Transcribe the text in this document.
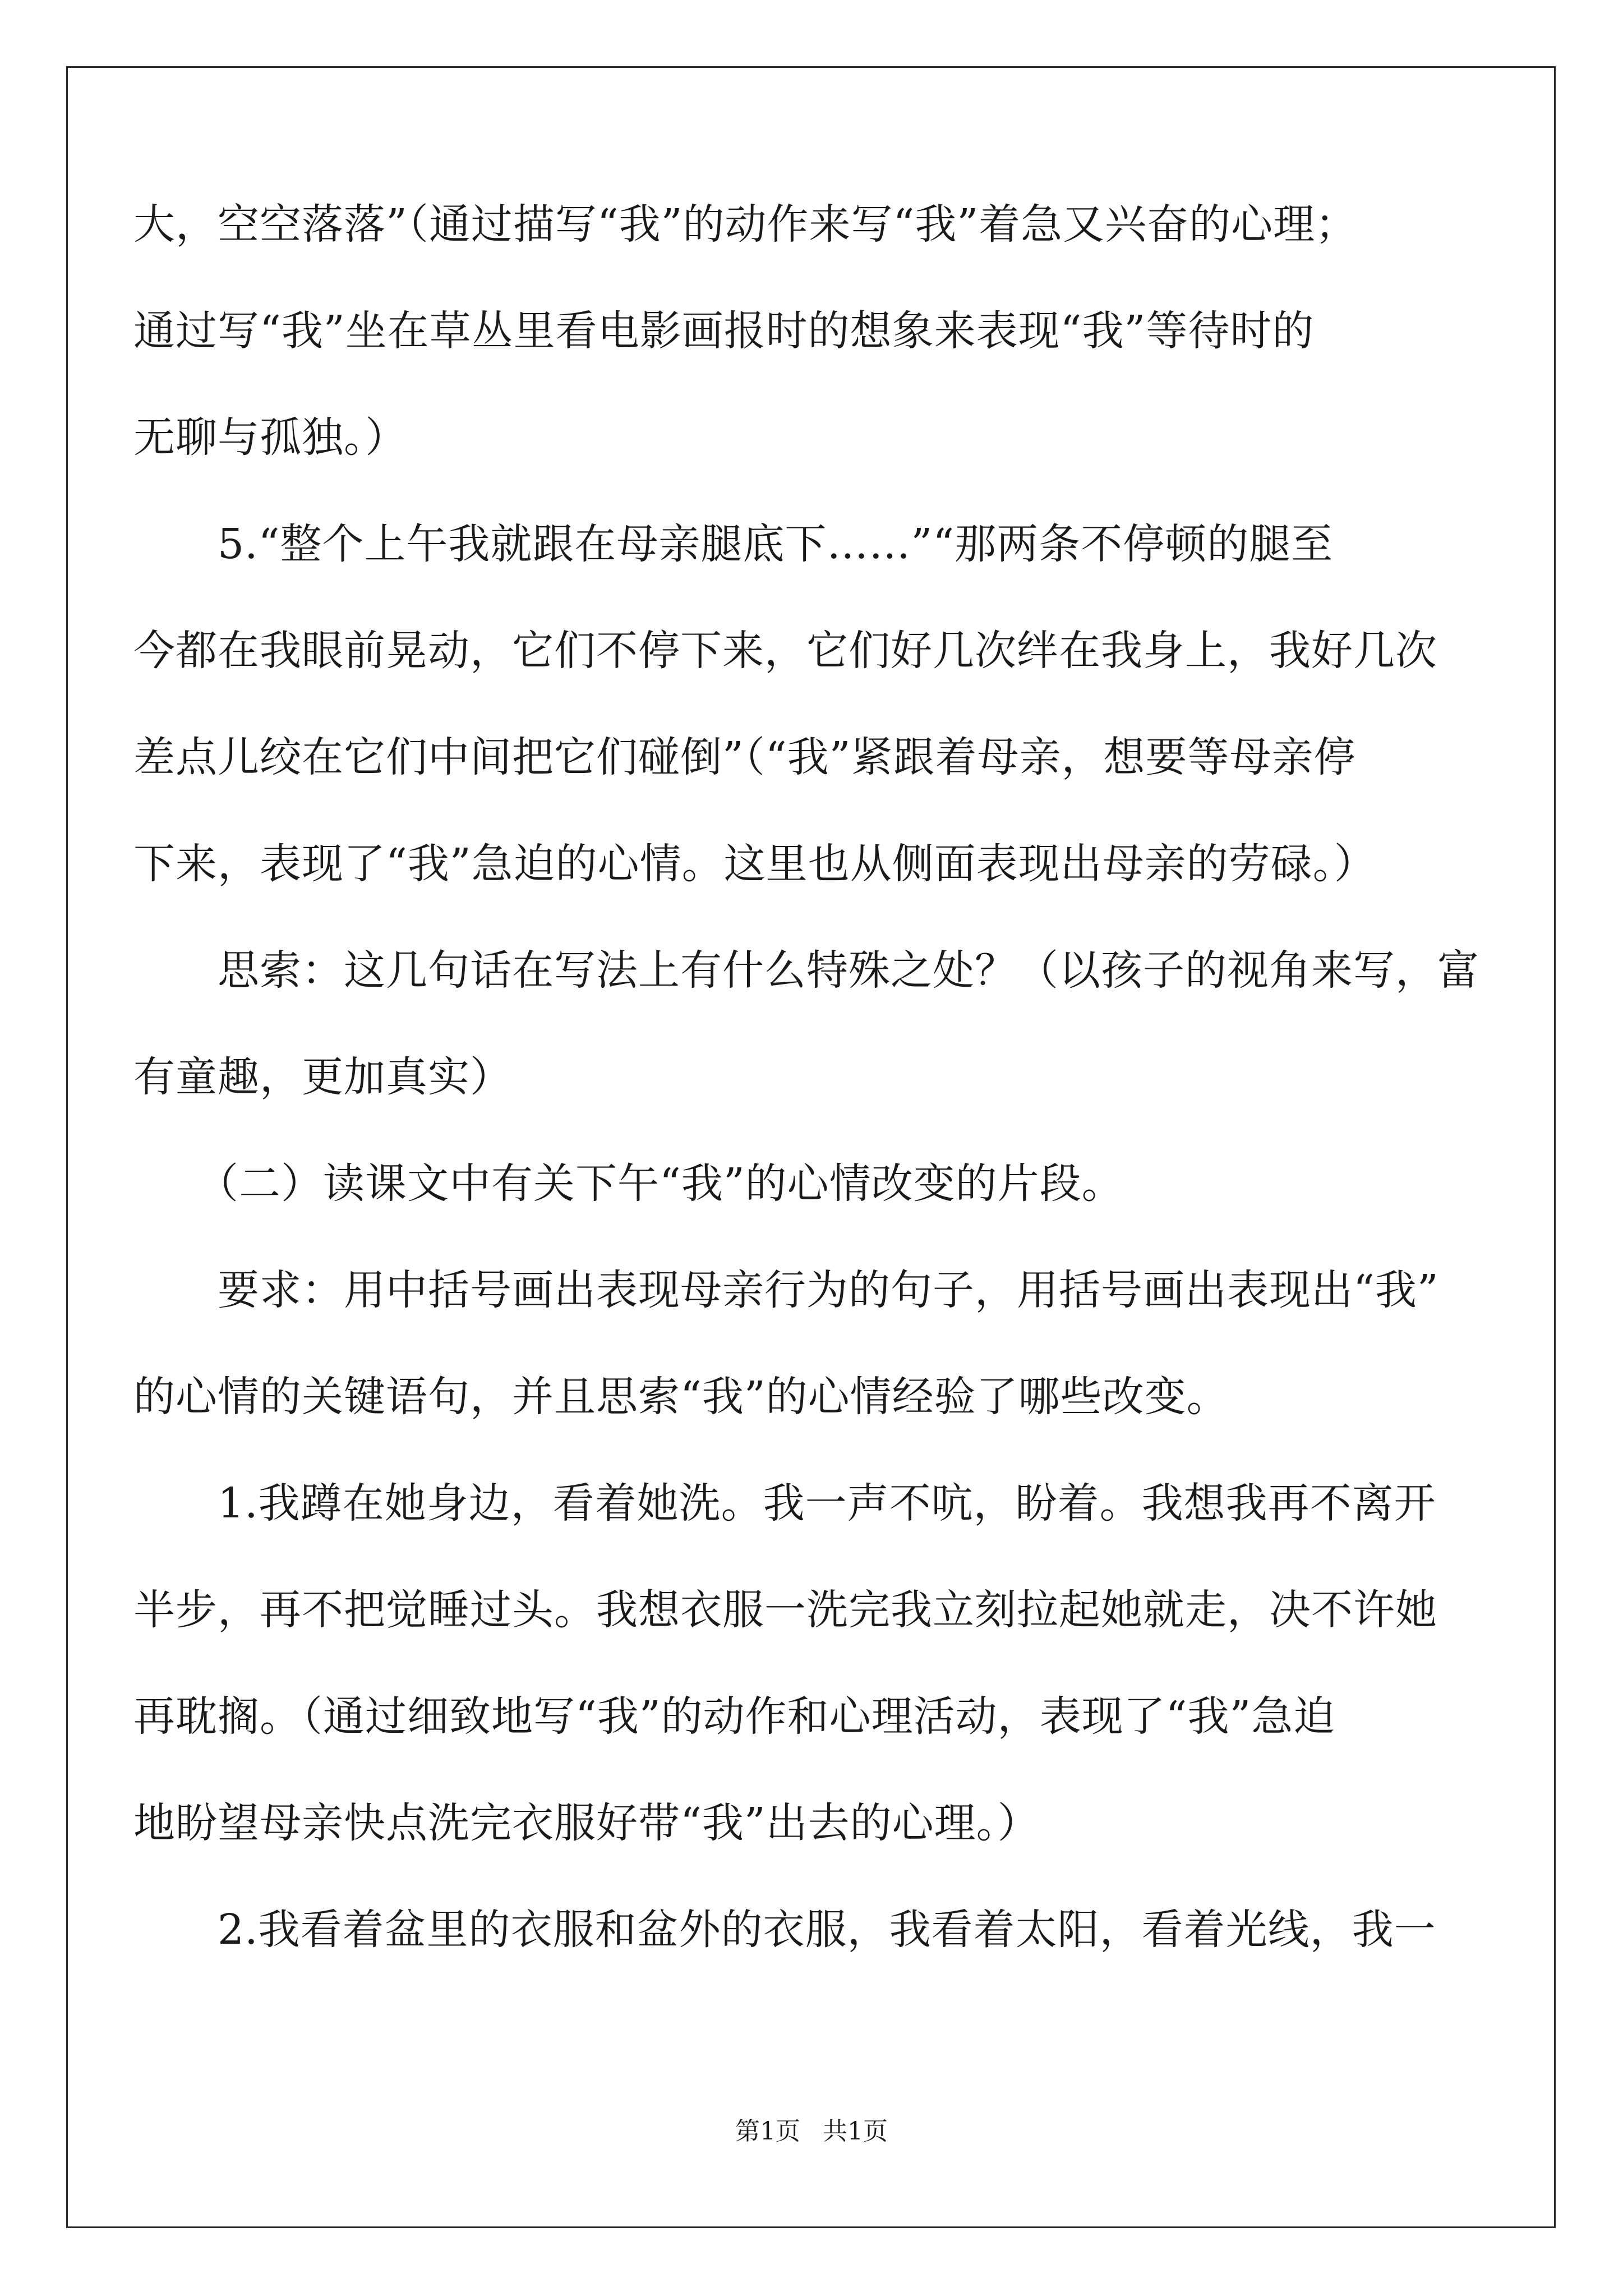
大，空空落落”（通过描写“我”的动作来写“我”着急又兴奋的心理；
通过写“我”坐在草丛里看电影画报时的想象来表现“我”等待时的
无聊与孤独。）
　　5.“整个上午我就跟在母亲腿底下……”“那两条不停顿的腿至
今都在我眼前晃动，它们不停下来，它们好几次绊在我身上，我好几次
差点儿绞在它们中间把它们碰倒”（“我”紧跟着母亲，想要等母亲停
下来，表现了“我”急迫的心情。这里也从侧面表现出母亲的劳碌。）
　　思索：这几句话在写法上有什么特殊之处？（以孩子的视角来写，富
有童趣，更加真实）
　　（二）读课文中有关下午“我”的心情改变的片段。
　　要求：用中括号画出表现母亲行为的句子，用括号画出表现出“我”
的心情的关键语句，并且思索“我”的心情经验了哪些改变。
　　1.我蹲在她身边，看着她洗。我一声不吭，盼着。我想我再不离开
半步，再不把觉睡过头。我想衣服一洗完我立刻拉起她就走，决不许她
再耽搁。（通过细致地写“我”的动作和心理活动，表现了“我”急迫
地盼望母亲快点洗完衣服好带“我”出去的心理。）
　　2.我看着盆里的衣服和盆外的衣服，我看着太阳，看着光线，我一
第1页 共1页
